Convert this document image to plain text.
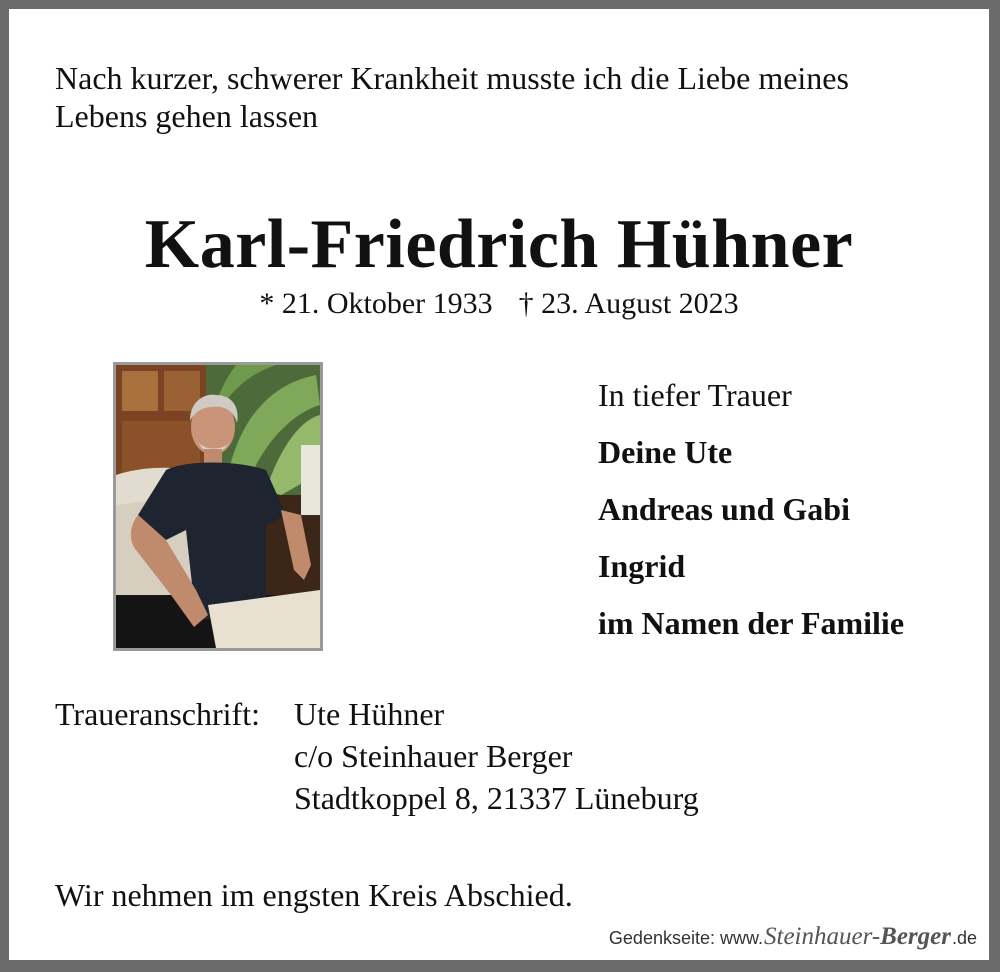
Nach kurzer, schwerer Krankheit musste ich die Liebe meines
Lebens gehen lassen

Karl-Friedrich Hühner
* 21. Oktober 1933 † 23. August 2023
In tiefer Trauer
Deine Ute
Andreas und Gabi
Ingrid
im Namen der Familie
Traueranschrift:	Ute Hühner
c/o Steinhauer Berger
Stadtkoppel 8, 21337 Lüneburg
Wir nehmen im engsten Kreis Abschied.
Gedenkseite: www. Steinhauer-Berger .de
